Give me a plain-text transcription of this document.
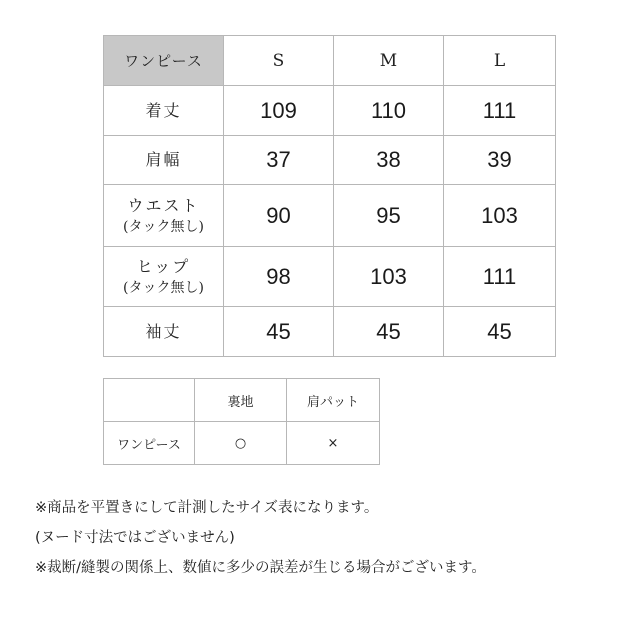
ワンピース	S	M	L
着丈	109	110	111
肩幅	37	38	39
ウエスト
(タック無し)	90	95	103
ヒップ
(タック無し)	98	103	111
袖丈	45	45	45
	裏地	肩パット
ワンピース	○	×
※商品を平置きにして計測したサイズ表になります。
(ヌード寸法ではございません)
※裁断/縫製の関係上、数値に多少の誤差が生じる場合がございます。
